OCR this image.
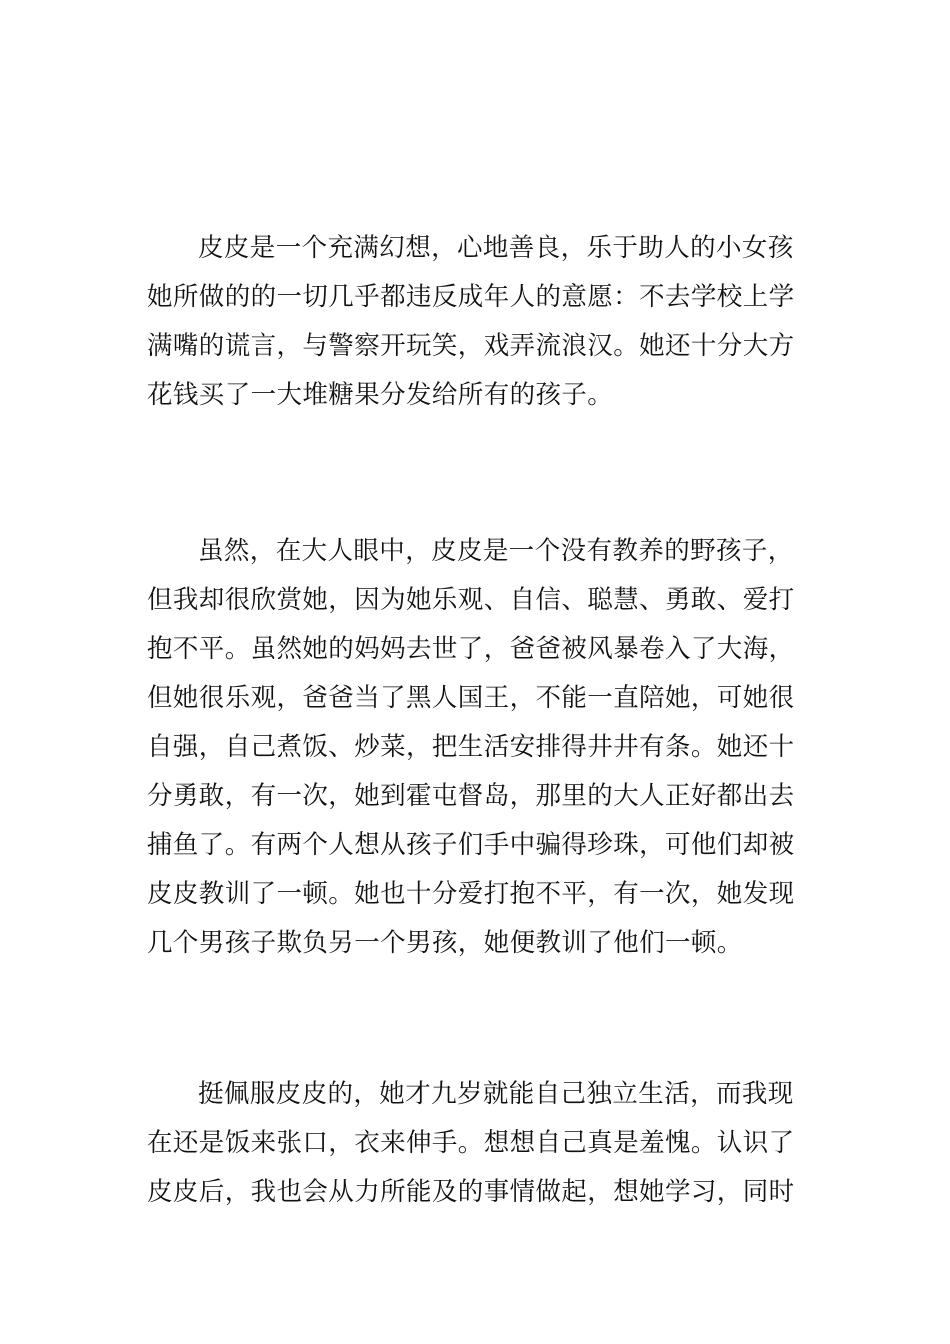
皮皮是一个充满幻想，心地善良，乐于助人的小女孩
她所做的的一切几乎都违反成年人的意愿：不去学校上学
满嘴的谎言，与警察开玩笑，戏弄流浪汉。她还十分大方
花钱买了一大堆糖果分发给所有的孩子。
虽然，在大人眼中，皮皮是一个没有教养的野孩子，
但我却很欣赏她，因为她乐观、自信、聪慧、勇敢、爱打
抱不平。虽然她的妈妈去世了，爸爸被风暴卷入了大海，
但她很乐观，爸爸当了黑人国王，不能一直陪她，可她很
自强，自己煮饭、炒菜，把生活安排得井井有条。她还十
分勇敢，有一次，她到霍屯督岛，那里的大人正好都出去
捕鱼了。有两个人想从孩子们手中骗得珍珠，可他们却被
皮皮教训了一顿。她也十分爱打抱不平，有一次，她发现
几个男孩子欺负另一个男孩，她便教训了他们一顿。
挺佩服皮皮的，她才九岁就能自己独立生活，而我现
在还是饭来张口，衣来伸手。想想自己真是羞愧。认识了
皮皮后，我也会从力所能及的事情做起，想她学习，同时
